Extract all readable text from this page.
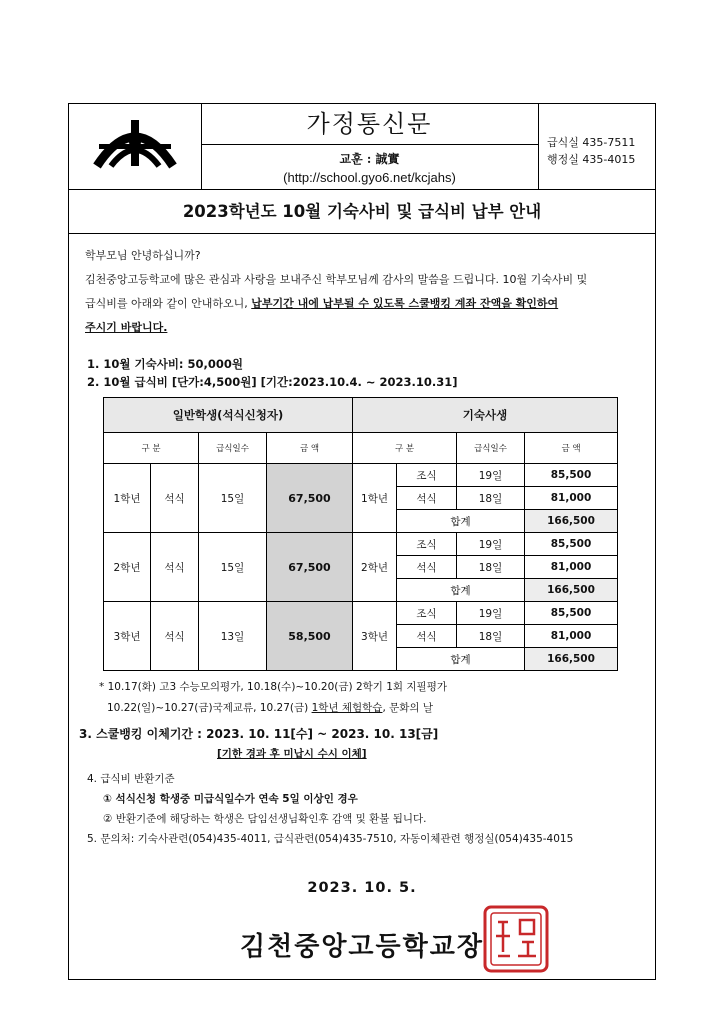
가정통신문
교훈 : 誠實
(http://school.gyo6.net/kcjahs)
급식실 435-7511
행정실 435-4015
2023학년도 10월 기숙사비 및 급식비 납부 안내

학부모님 안녕하십니까?

김천중앙고등학교에 많은 관심과 사랑을 보내주신 학부모님께 감사의 말씀을 드립니다. 10월 기숙사비 및

급식비를 아래와 같이 안내하오니, 납부기간 내에 납부될 수 있도록 스쿨뱅킹 계좌 잔액을 확인하여

주시기 바랍니다.

1. 10월 기숙사비: 50,000원
2. 10월 급식비 [단가:4,500원] [기간:2023.10.4. ~ 2023.10.31]
일반학생(석식신청자)				기숙사생			
구 분		급식일수	금 액	구 분		급식일수	금 액
1학년	석식	15일	67,500	1학년	조식	19일	85,500
					석식	18일	81,000
					합계		166,500
2학년	석식	15일	67,500	2학년	조식	19일	85,500
					석식	18일	81,000
					합계		166,500
3학년	석식	13일	58,500	3학년	조식	19일	85,500
					석식	18일	81,000
					합계		166,500
* 10.17(화) 고3 수능모의평가, 10.18(수)~10.20(금) 2학기 1회 지필평가
10.22(일)~10.27(금)국제교류, 10.27(금) 1학년 체험학습, 문화의 날
3. 스쿨뱅킹 이체기간 : 2023. 10. 11[수] ~ 2023. 10. 13[금]
[기한 경과 후 미납시 수시 이체]
4. 급식비 반환기준
① 석식신청 학생중 미급식일수가 연속 5일 이상인 경우
② 반환기준에 해당하는 학생은 담임선생님확인후 감액 및 환불 됩니다.
5. 문의처: 기숙사관련(054)435-4011, 급식관련(054)435-7510, 자동이체관련 행정실(054)435-4015
2023. 10. 5.
김천중앙고등학교장
